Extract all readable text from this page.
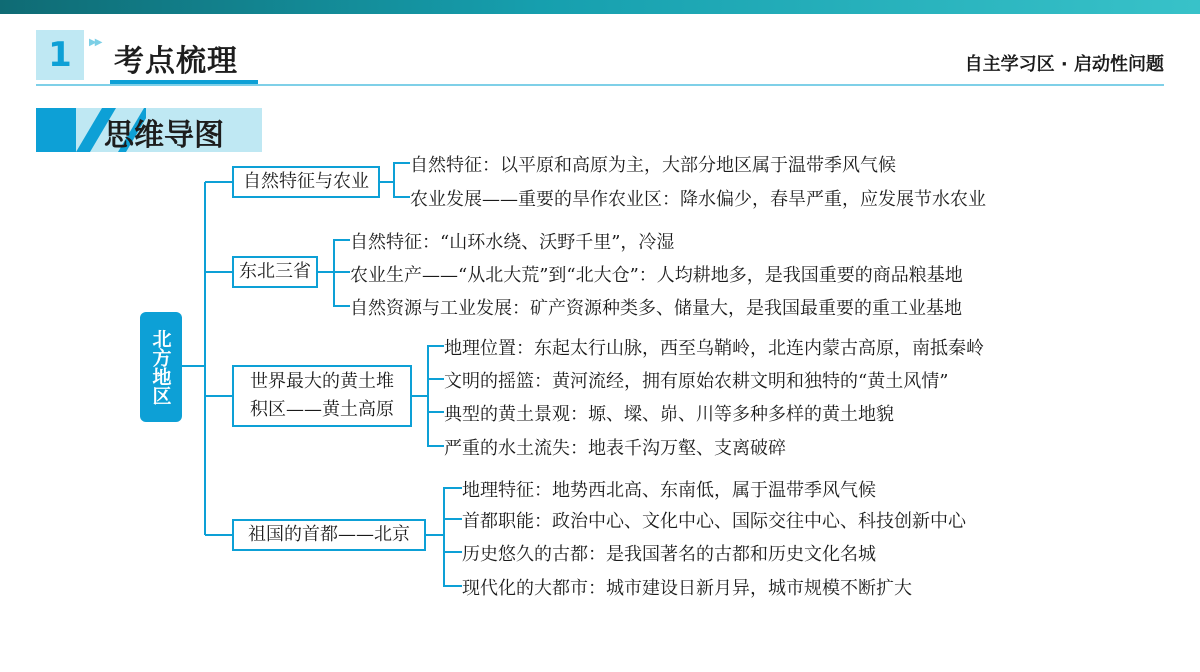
1	▶▶
考点梳理	自主学习区 · 启动性问题
思维导图
北方地区
自然特征与农业
东北三省
世界最大的黄土堆
积区——黄土高原
祖国的首都——北京
自然特征：以平原和高原为主，大部分地区属于温带季风气候
农业发展——重要的旱作农业区：降水偏少，春旱严重，应发展节水农业
自然特征：“山环水绕、沃野千里”，冷湿
农业生产——“从北大荒”到“北大仓”：人均耕地多，是我国重要的商品粮基地
自然资源与工业发展：矿产资源种类多、储量大，是我国最重要的重工业基地
地理位置：东起太行山脉，西至乌鞘岭，北连内蒙古高原，南抵秦岭
文明的摇篮：黄河流经，拥有原始农耕文明和独特的“黄土风情”
典型的黄土景观：塬、墚、峁、川等多种多样的黄土地貌
严重的水土流失：地表千沟万壑、支离破碎
地理特征：地势西北高、东南低，属于温带季风气候
首都职能：政治中心、文化中心、国际交往中心、科技创新中心
历史悠久的古都：是我国著名的古都和历史文化名城
现代化的大都市：城市建设日新月异，城市规模不断扩大
